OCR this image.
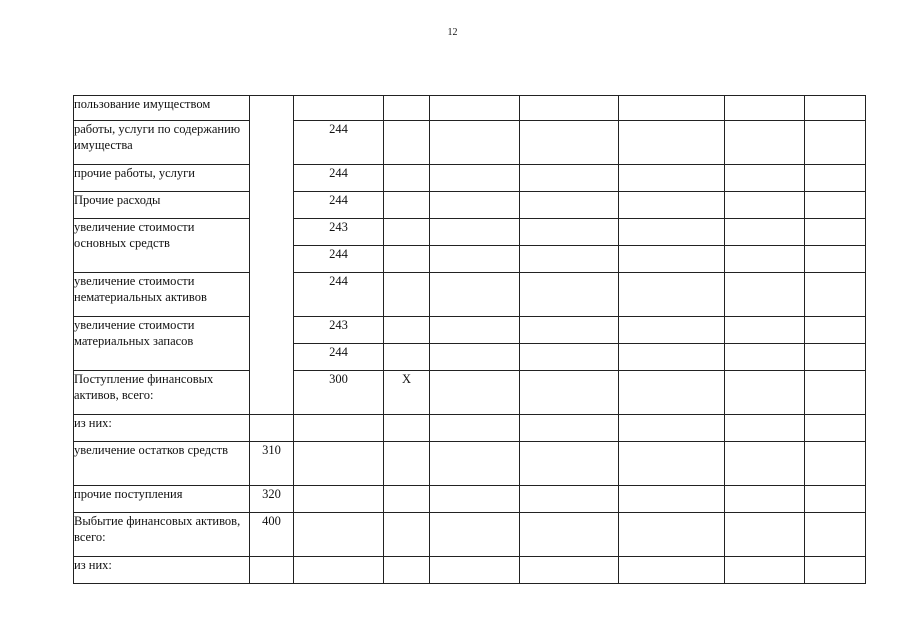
12
пользование имуществом									
работы, услуги по содержанию имущества		244							
прочие работы, услуги		244							
Прочие расходы		244							
увеличение стоимости основных средств		243							
		244							
увеличение стоимости нематериальных активов		244							
увеличение стоимости материальных запасов		243							
		244							
Поступление финансовых активов, всего:		300	Х						
из них:									
увеличение остатков средств	310								
прочие поступления	320								
Выбытие финансовых активов, всего:	400								
из них:									
